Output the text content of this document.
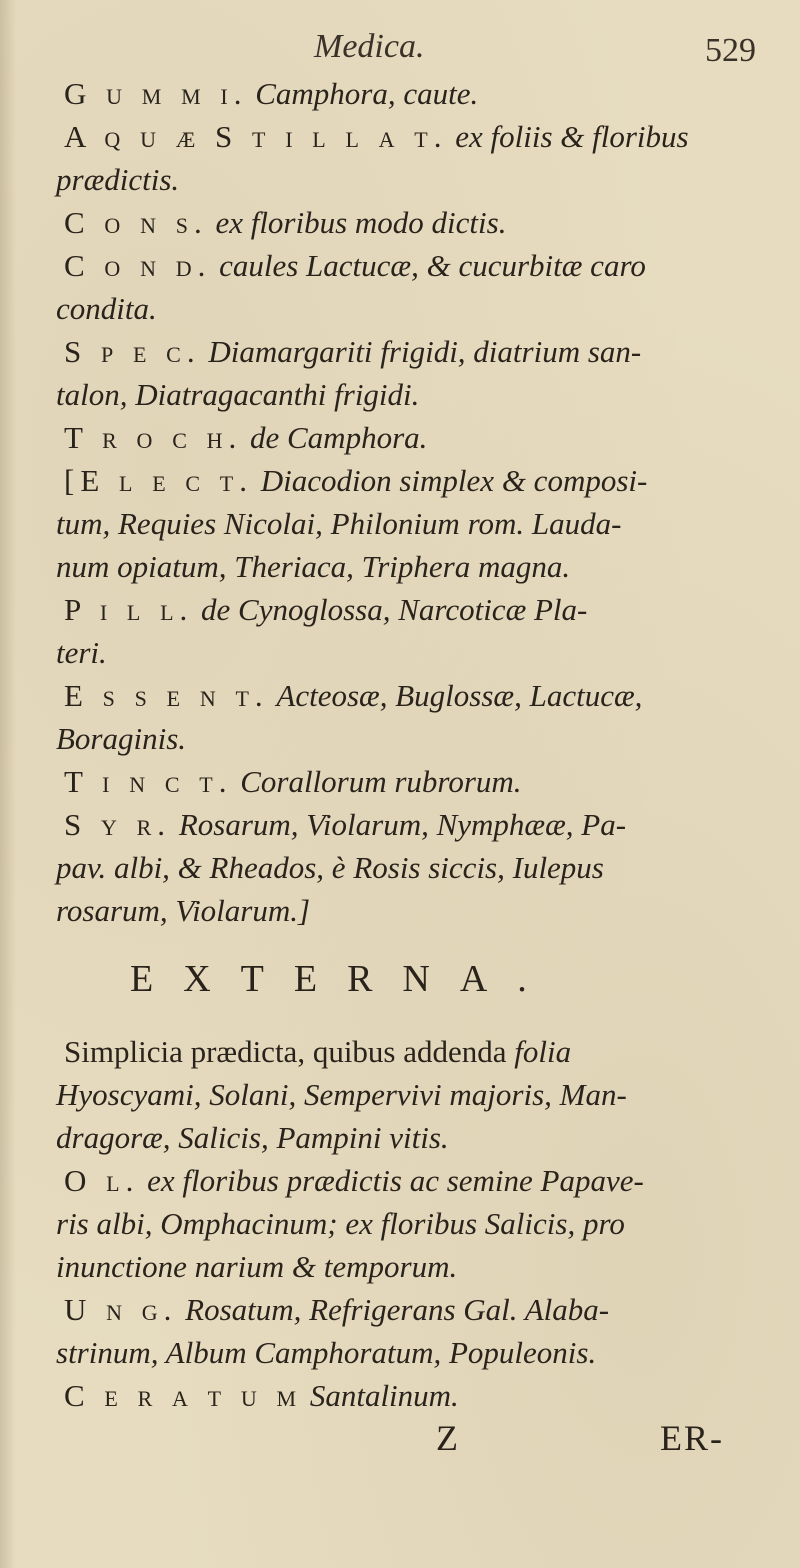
Medica.	529
G u m m i. Camphora, caute.
A q u æ S t i l l a t. ex foliis & floribus
prædictis.
C o n s. ex floribus modo dictis.
C o n d. caules Lactucæ, & cucurbitæ caro
condita.
S p e c. Diamargariti frigidi, diatrium san-
talon, Diatragacanthi frigidi.
T r o c h. de Camphora.
[E l e c t. Diacodion simplex & composi-
tum, Requies Nicolai, Philonium rom. Lauda-
num opiatum, Theriaca, Triphera magna.
P i l l. de Cynoglossa, Narcoticæ Pla-
teri.
E s s e n t. Acteosæ, Buglossæ, Lactucæ,
Boraginis.
T i n c t. Corallorum rubrorum.
S y r. Rosarum, Violarum, Nymphææ, Pa-
pav. albi, & Rheados, è Rosis siccis, Iulepus
rosarum, Violarum.]
EXTERNA.
Simplicia prædicta, quibus addenda folia
Hyoscyami, Solani, Sempervivi majoris, Man-
dragoræ, Salicis, Pampini vitis.
O l. ex floribus prædictis ac semine Papave-
ris albi, Omphacinum; ex floribus Salicis, pro
inunctione narium & temporum.
U n g. Rosatum, Refrigerans Gal. Alaba-
strinum, Album Camphoratum, Populeonis.
C e r a t u m Santalinum.
Z	ER-
